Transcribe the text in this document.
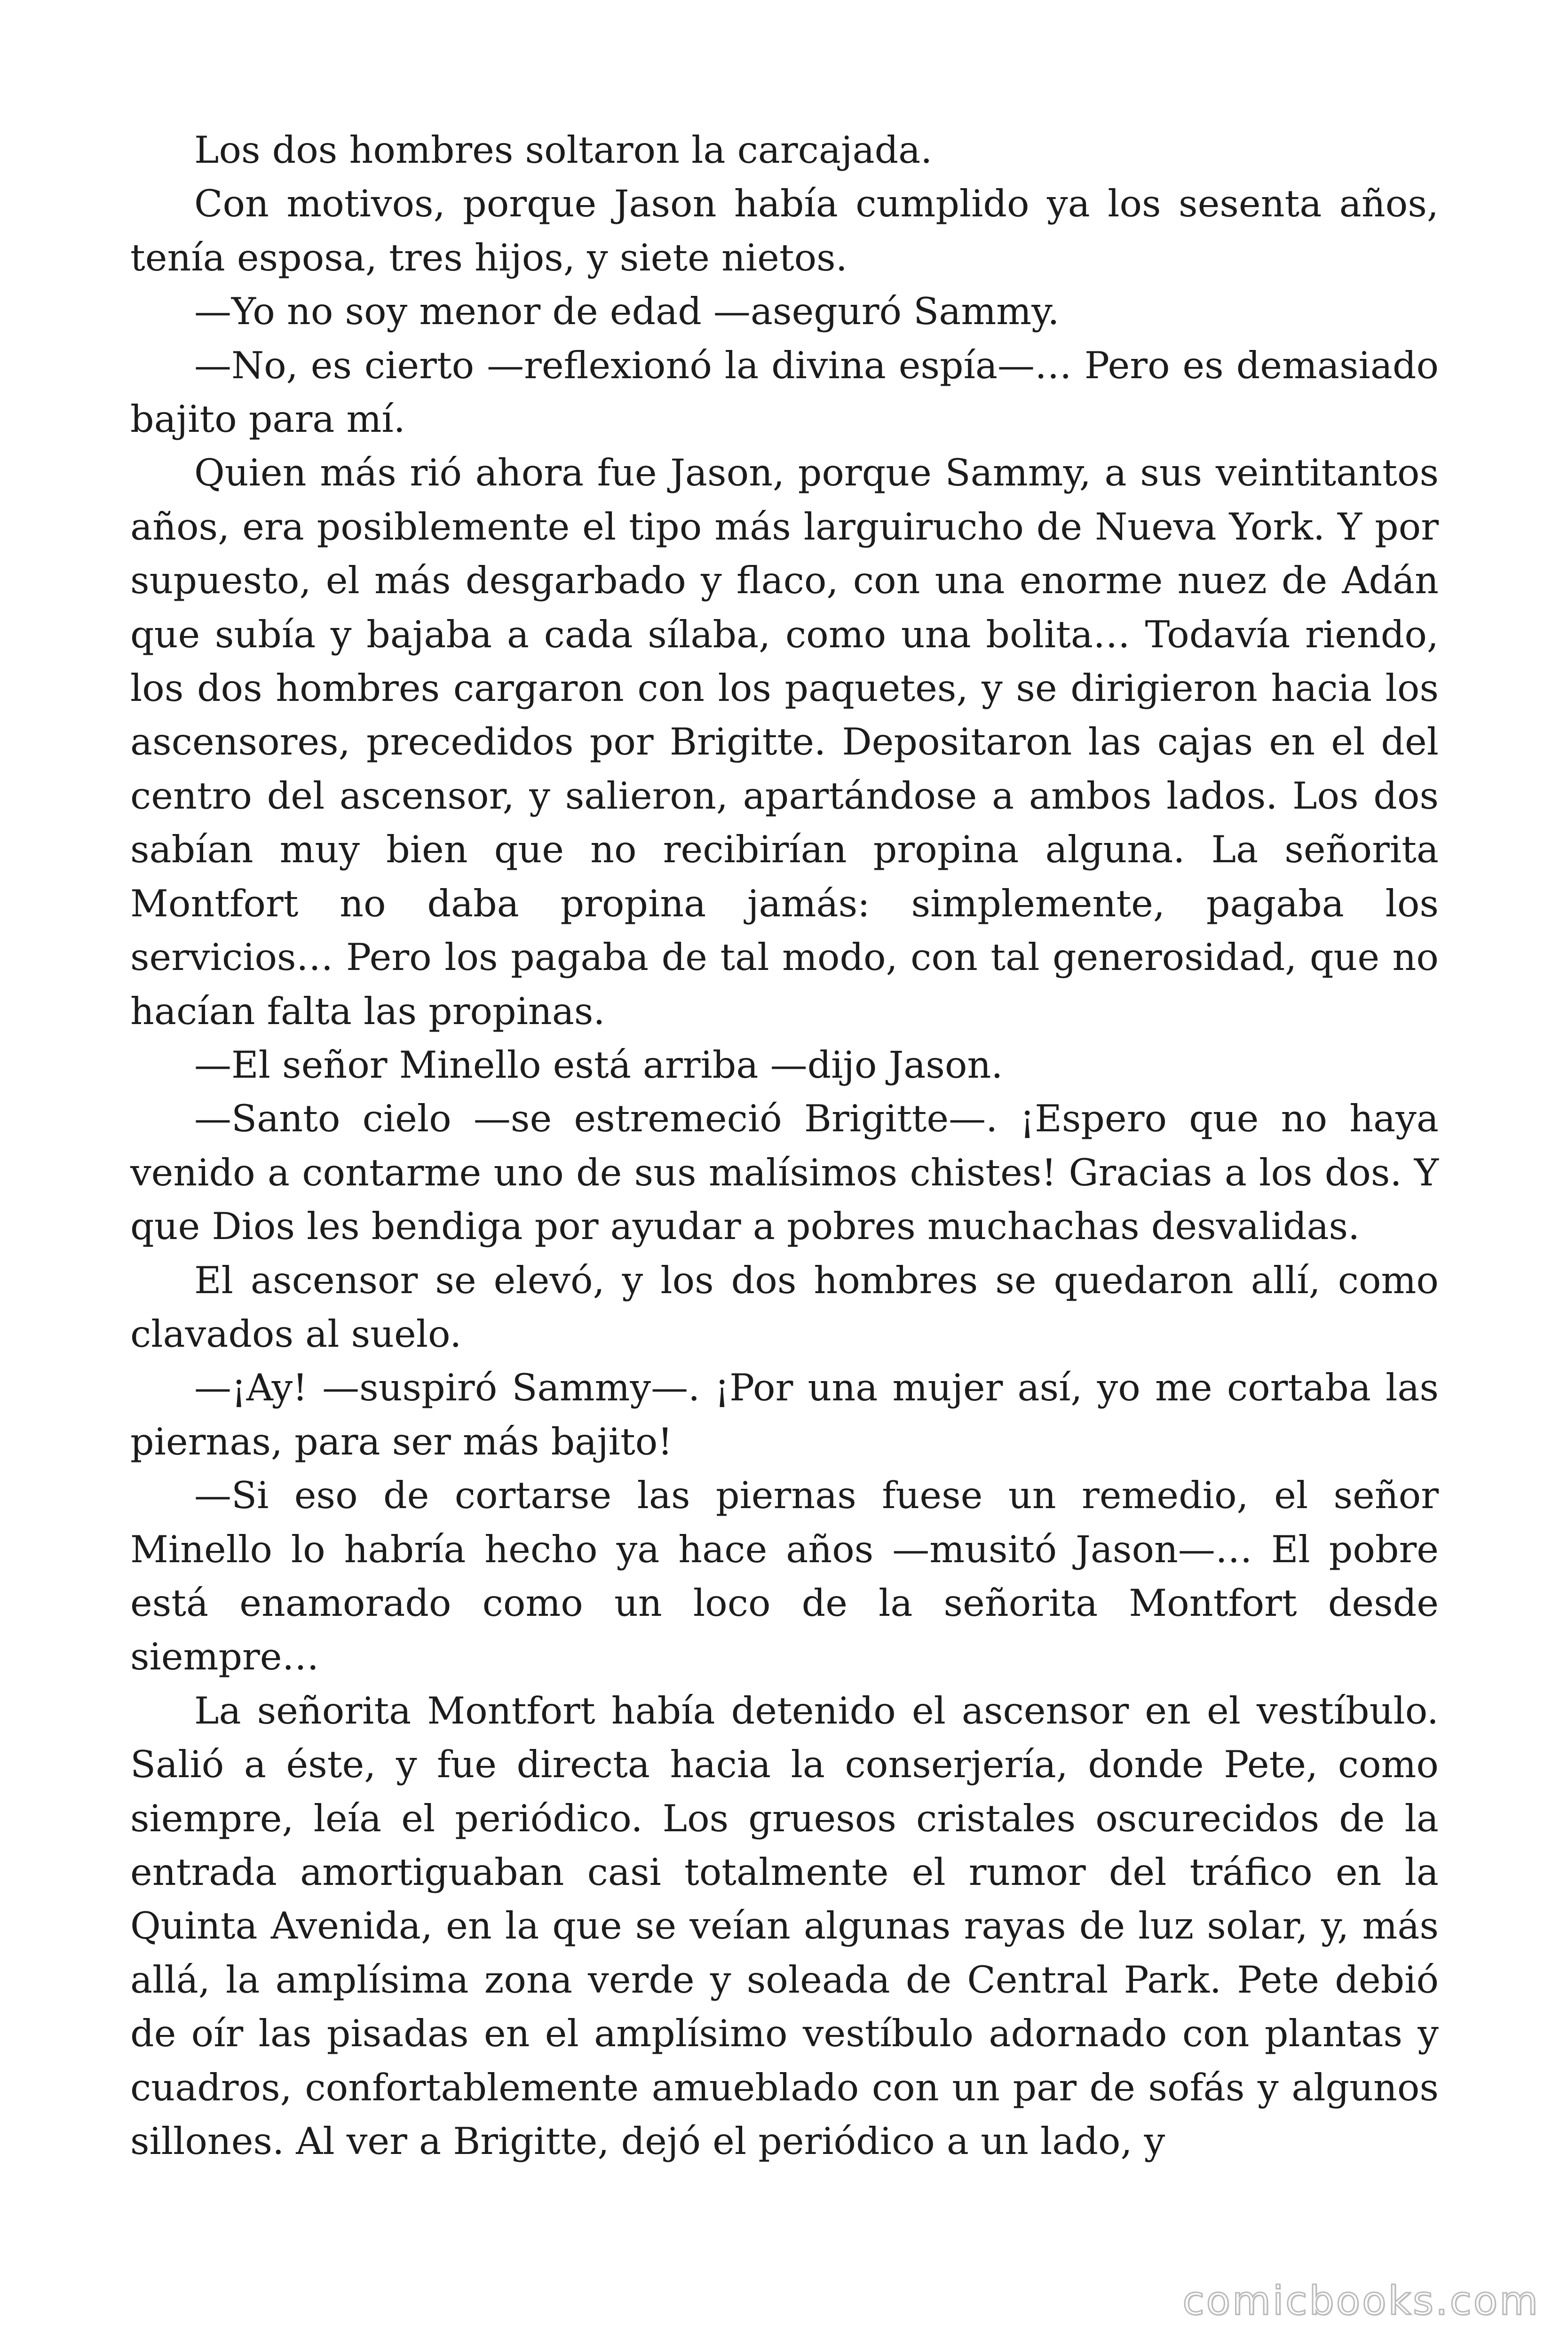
Los dos hombres soltaron la carcajada.

Con motivos, porque Jason había cumplido ya los sesenta años, tenía esposa, tres hijos, y siete nietos.

—Yo no soy menor de edad —aseguró Sammy.

—No, es cierto —reflexionó la divina espía—… Pero es demasiado bajito para mí.

Quien más rió ahora fue Jason, porque Sammy, a sus veintitantos años, era posiblemente el tipo más larguirucho de Nueva York. Y por supuesto, el más desgarbado y flaco, con una enorme nuez de Adán que subía y bajaba a cada sílaba, como una bolita… Todavía riendo, los dos hombres cargaron con los paquetes, y se dirigieron hacia los ascensores, precedidos por Brigitte. Depositaron las cajas en el del centro del ascensor, y salieron, apartándose a ambos lados. Los dos sabían muy bien que no recibirían propina alguna. La señorita Montfort no daba propina jamás: simplemente, pagaba los servicios… Pero los pagaba de tal modo, con tal generosidad, que no hacían falta las propinas.

—El señor Minello está arriba —dijo Jason.

—Santo cielo —se estremeció Brigitte—. ¡Espero que no haya venido a contarme uno de sus malísimos chistes! Gracias a los dos. Y que Dios les bendiga por ayudar a pobres muchachas desvalidas.

El ascensor se elevó, y los dos hombres se quedaron allí, como clavados al suelo.

—¡Ay! —suspiró Sammy—. ¡Por una mujer así, yo me cortaba las piernas, para ser más bajito!

—Si eso de cortarse las piernas fuese un remedio, el señor Minello lo habría hecho ya hace años —musitó Jason—… El pobre está enamorado como un loco de la señorita Montfort desde siempre…

La señorita Montfort había detenido el ascensor en el vestíbulo. Salió a éste, y fue directa hacia la conserjería, donde Pete, como siempre, leía el periódico. Los gruesos cristales oscurecidos de la entrada amortiguaban casi totalmente el rumor del tráfico en la Quinta Avenida, en la que se veían algunas rayas de luz solar, y, más allá, la amplísima zona verde y soleada de Central Park. Pete debió de oír las pisadas en el amplísimo vestíbulo adornado con plantas y cuadros, confortablemente amueblado con un par de sofás y algunos sillones. Al ver a Brigitte, dejó el periódico a un lado, y

comicbooks.com
